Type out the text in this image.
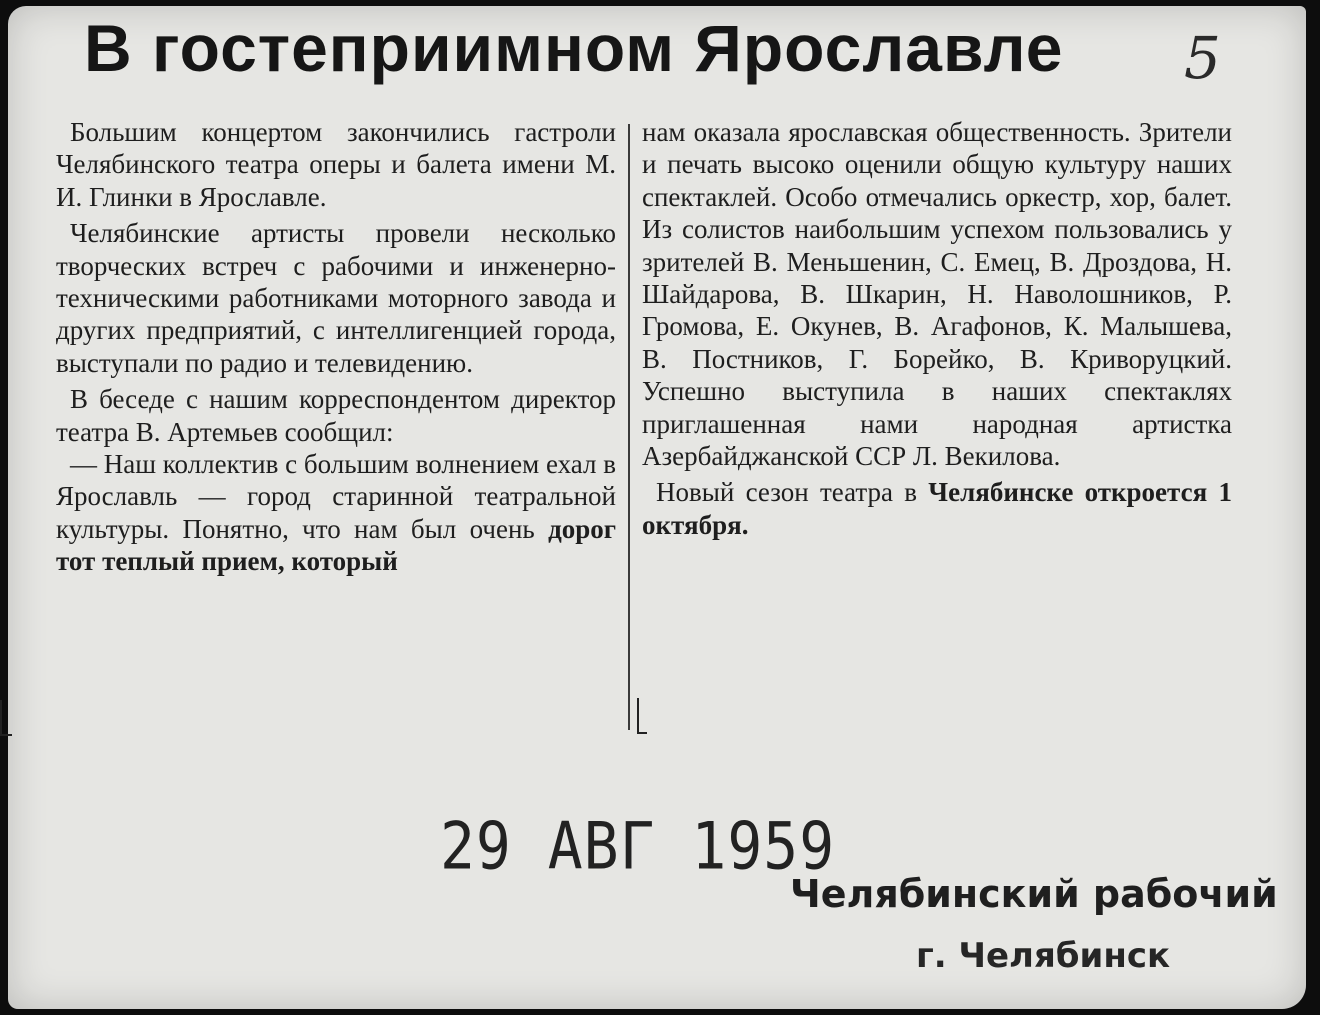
В гостеприимном Ярославле	5

Большим концертом закончились гастроли Челябинского театра оперы и балета имени М. И. Глинки в Ярославле.

Челябинские артисты провели несколько творческих встреч с рабочими и инженерно-техническими работниками моторного завода и других предприятий, с интеллигенцией города, выступали по радио и телевидению.

В беседе с нашим корреспондентом директор театра В. Артемьев сообщил:

— Наш коллектив с большим волнением ехал в Ярославль — город старинной театральной культуры. Понятно, что нам был очень дорог тот теплый прием, который

нам оказала ярославская общественность. Зрители и печать высоко оценили общую культуру наших спектаклей. Особо отмечались оркестр, хор, балет. Из солистов наибольшим успехом пользовались у зрителей В. Меньшенин, С. Емец, В. Дроздова, Н. Шайдарова, В. Шкарин, Н. Наволошников, Р. Громова, Е. Окунев, В. Агафонов, К. Малышева, В. Постников, Г. Борейко, В. Криворуцкий. Успешно выступила в наших спектаклях приглашенная нами народная артистка Азербайджанской ССР Л. Векилова.

Новый сезон театра в Челябинске откроется 1 октября.

29 АВГ 1959
Челябинский рабочий
г. Челябинск
